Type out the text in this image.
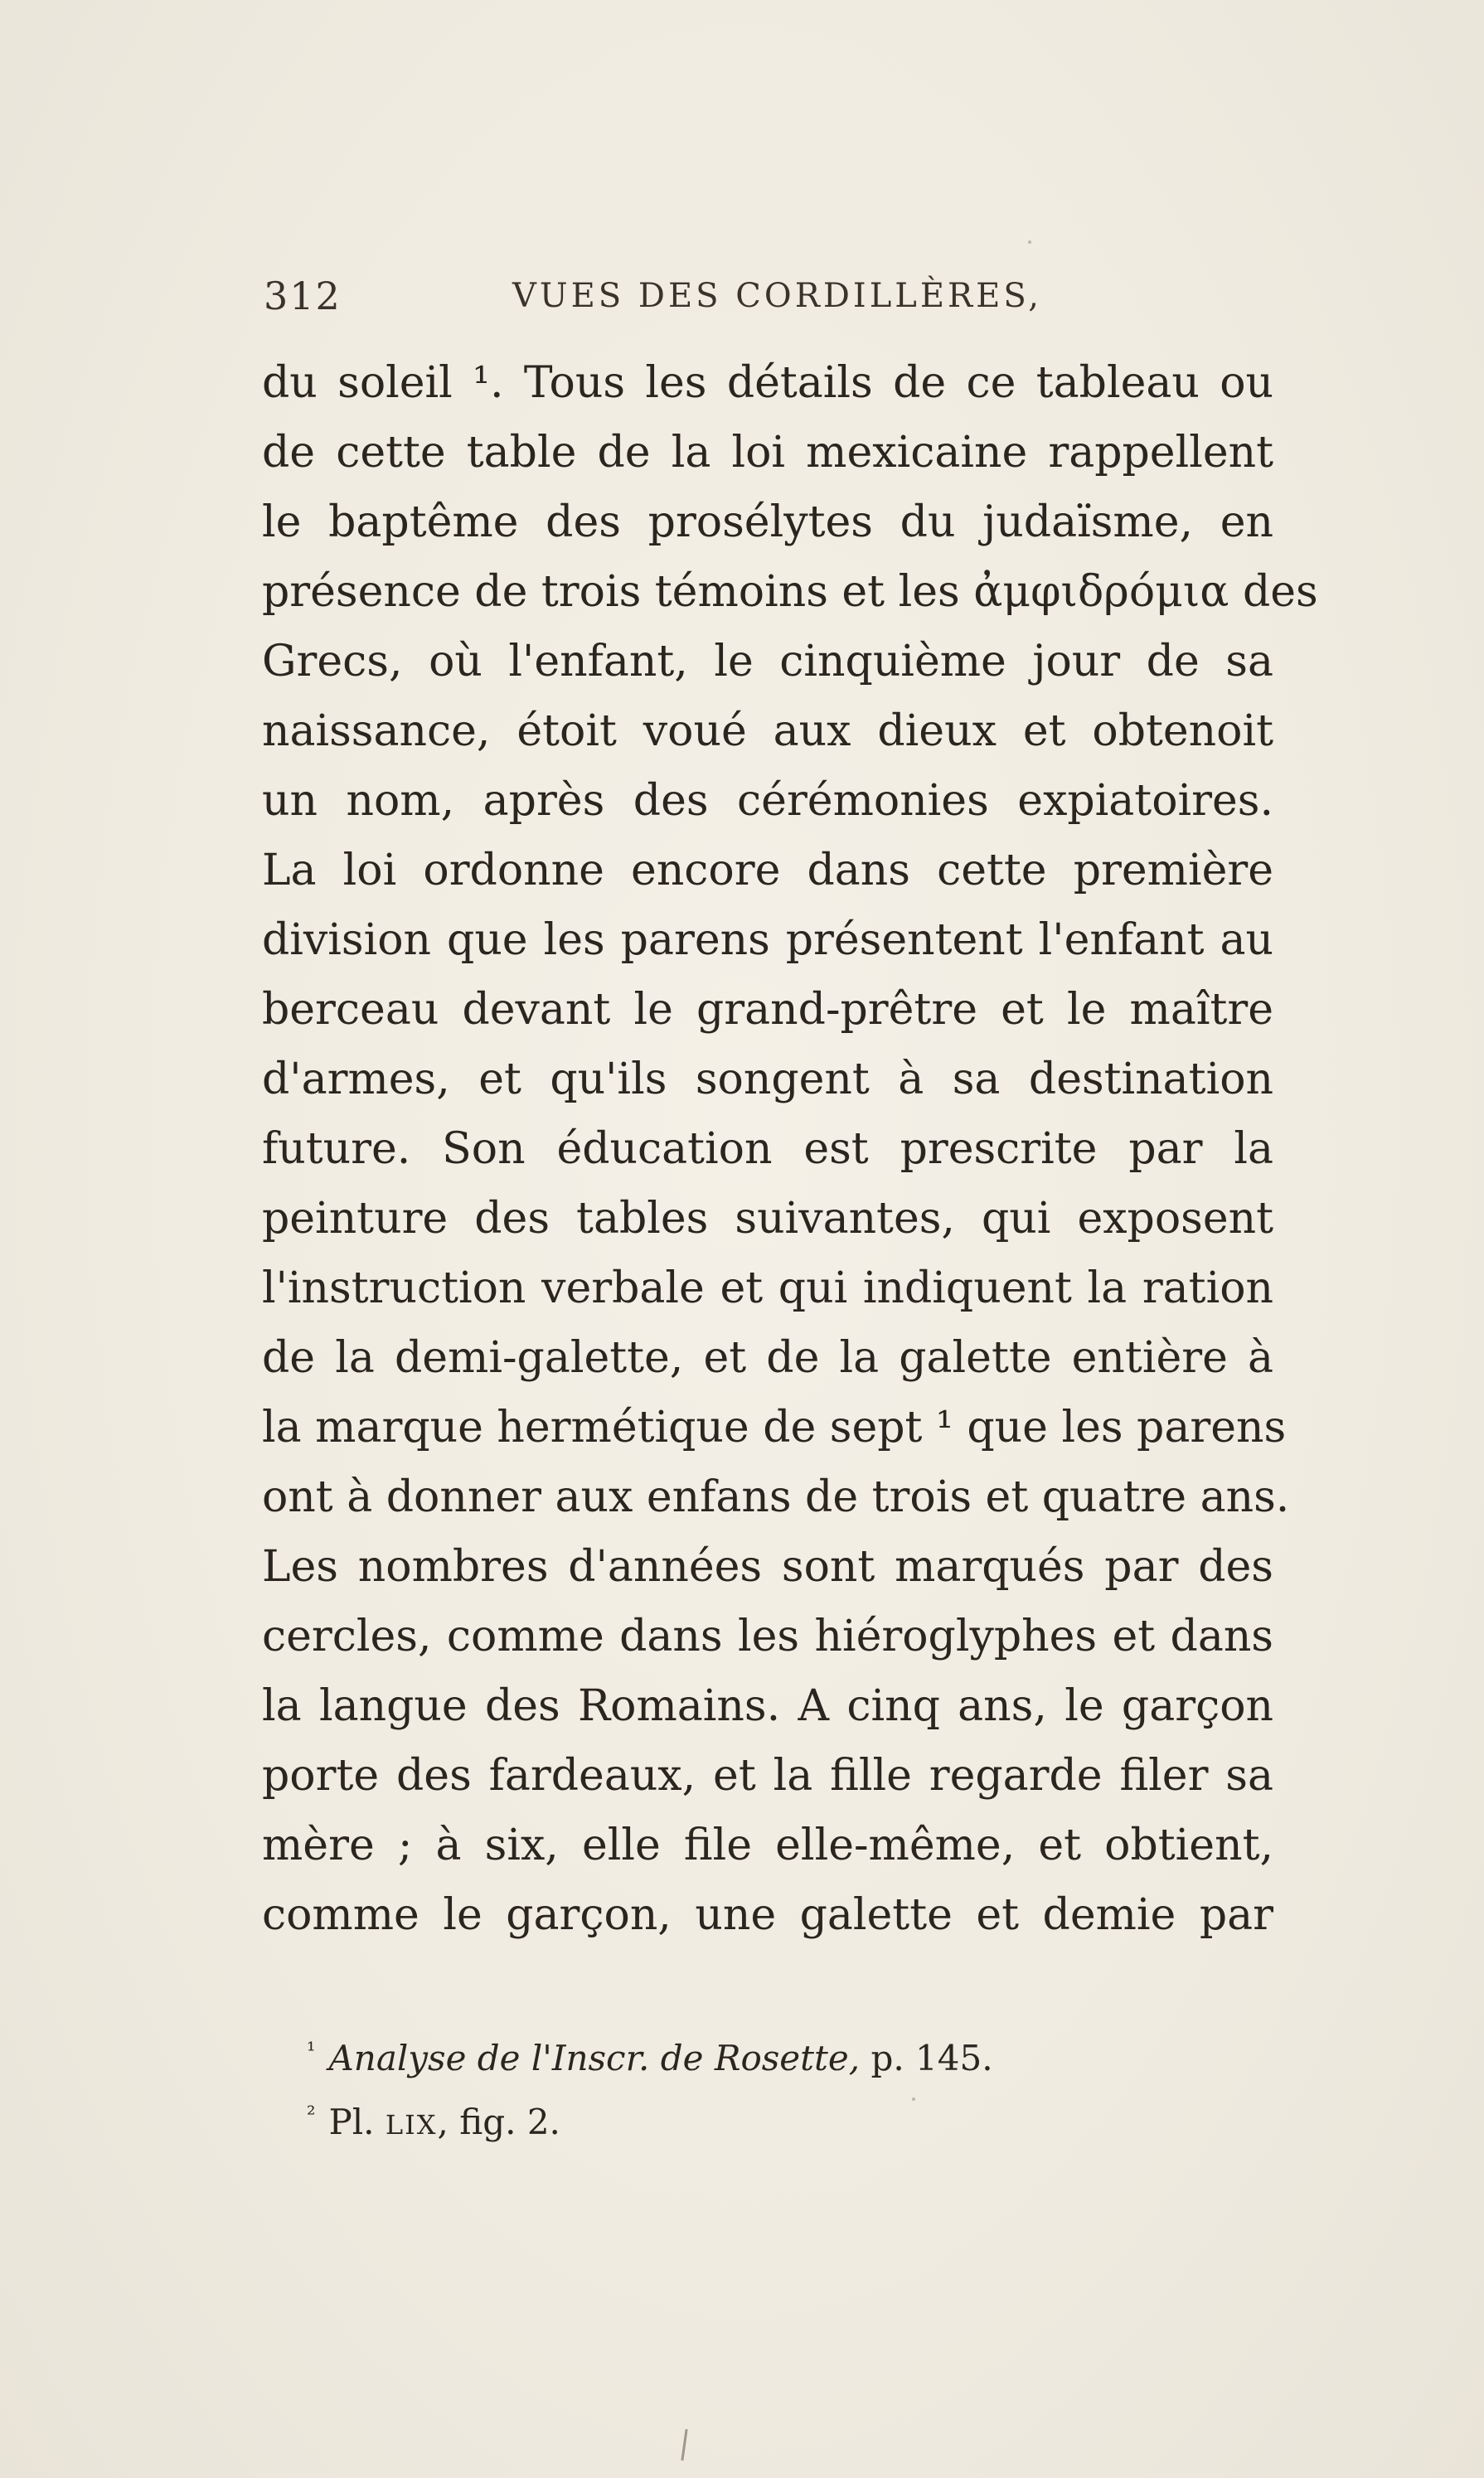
312	VUES DES CORDILLÈRES,
du soleil ¹. Tous les détails de ce tableau ou
de cette table de la loi mexicaine rappellent
le baptême des prosélytes du judaïsme, en
présence de trois témoins et les ἀμφιδρόμια des
Grecs, où l'enfant, le cinquième jour de sa
naissance, étoit voué aux dieux et obtenoit
un nom, après des cérémonies expiatoires.
La loi ordonne encore dans cette première
division que les parens présentent l'enfant au
berceau devant le grand-prêtre et le maître
d'armes, et qu'ils songent à sa destination
future. Son éducation est prescrite par la
peinture des tables suivantes, qui exposent
l'instruction verbale et qui indiquent la ration
de la demi-galette, et de la galette entière à
la marque hermétique de sept ¹ que les parens
ont à donner aux enfans de trois et quatre ans.
Les nombres d'années sont marqués par des
cercles, comme dans les hiéroglyphes et dans
la langue des Romains. A cinq ans, le garçon
porte des fardeaux, et la fille regarde filer sa
mère ; à six, elle file elle-même, et obtient,
comme le garçon, une galette et demie par
$^{^1}$ Analyse de l'Inscr. de Rosette, p. 145.
$^{^2}$ Pl. LIX, fig. 2.
